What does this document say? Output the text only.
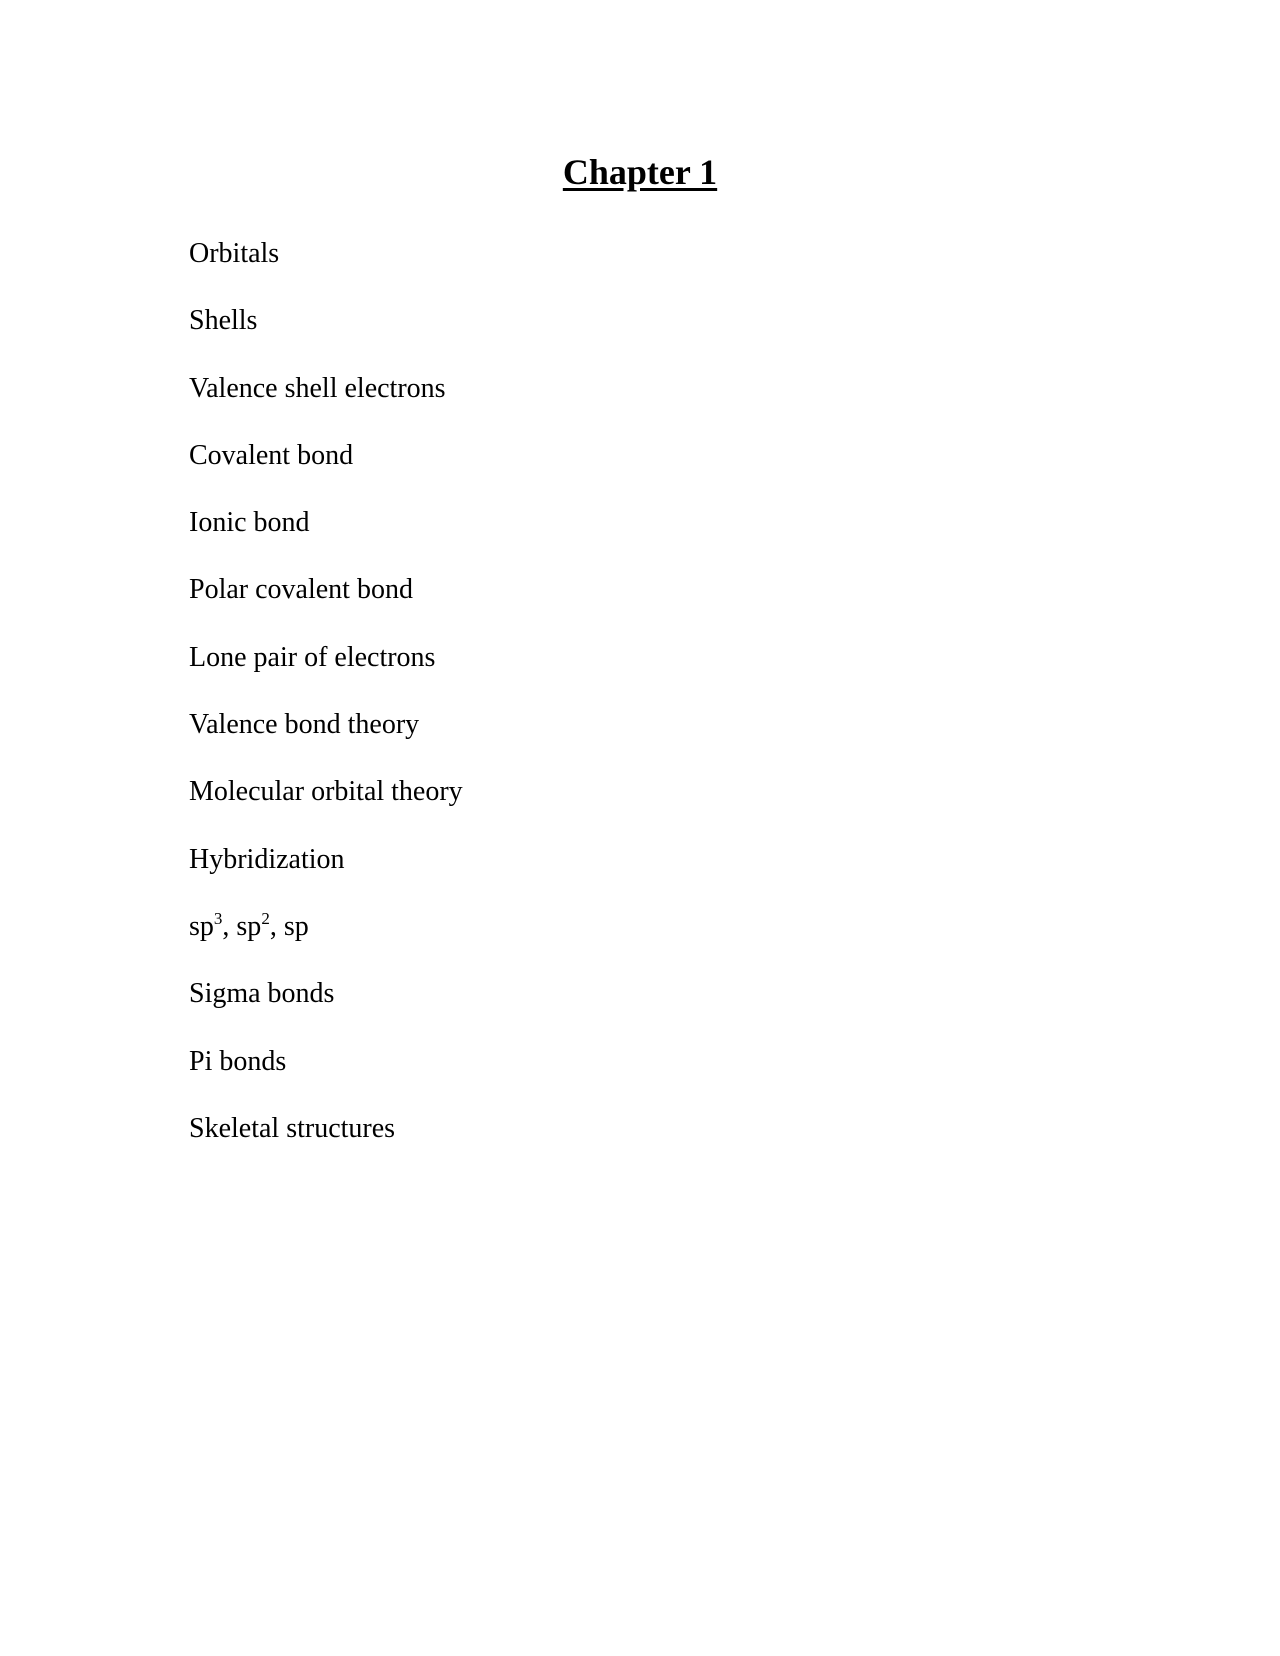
Chapter 1
Orbitals
Shells
Valence shell electrons
Covalent bond
Ionic bond
Polar covalent bond
Lone pair of electrons
Valence bond theory
Molecular orbital theory
Hybridization
$sp^3$, $sp^2$, sp
Sigma bonds
Pi bonds
Skeletal structures
